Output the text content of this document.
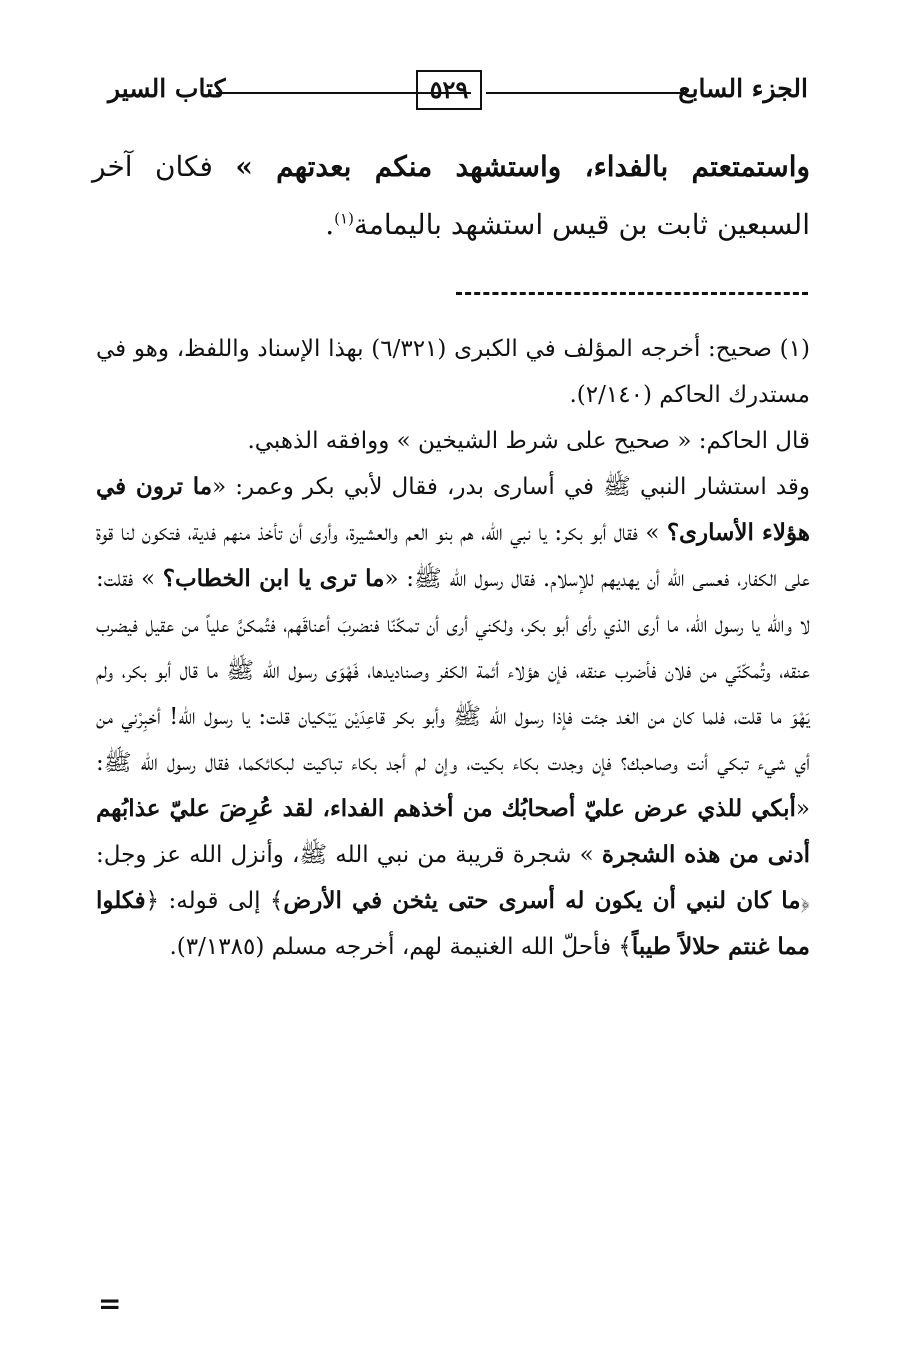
الجزء السابع
٥٢٩
كتاب السير
واستمتعتم بالفداء، واستشهد منكم بعدتهم » فكان آخر السبعين ثابت بن قيس استشهد باليمامة$^{(١)}$.

(١) صحيح: أخرجه المؤلف في الكبرى (٦/٣٢١) بهذا الإسناد واللفظ، وهو في مستدرك الحاكم (٢/١٤٠).

قال الحاكم: « صحيح على شرط الشيخين » ووافقه الذهبي.

وقد استشار النبي ﷺ في أسارى بدر، فقال لأبي بكر وعمر: «ما ترون في هؤلاء الأسارى؟ » فقال أبو بكر: يا نبي الله، هم بنو العم والعشيرة، وأرى أن تأخذ منهم فدية، فتكون لنا قوة على الكفار، فعسى الله أن يهديهم للإسلام. فقال رسول الله ﷺ: «ما ترى يا ابن الخطاب؟ » فقلت: لا والله يا رسول الله، ما أرى الذي رأى أبو بكر، ولكني أرى أن تمكّنّا فنضربَ أعناقَهم، فتُمكنَّ علياً من عقيل فيضرب عنقه، وتُمكّنّي من فلان فأضرب عنقه، فإن هؤلاء أئمة الكفر وصناديدها، فَهْوَى رسول الله ﷺ ما قال أبو بكر، ولم يَهْوَ ما قلت، فلما كان من الغد جئت فإذا رسول الله ﷺ وأبو بكر قاعِدَيْن يَبْكيان قلت: يا رسول الله! أخبِرْني من أي شيء تبكي أنت وصاحبك؟ فإن وجدت بكاء بكيت، وإن لم أجد بكاء تباكيت لبكائكما، فقال رسول الله ﷺ: «أبكي للذي عرض عليّ أصحابُك من أخذهم الفداء، لقد عُرِضَ عليّ عذابُهم أدنى من هذه الشجرة » شجرة قريبة من نبي الله ﷺ، وأنزل الله عز وجل: ﴿ما كان لنبي أن يكون له أسرى حتى يثخن في الأرض﴾ إلى قوله: ﴿فكلوا مما غنتم حلالاً طيباً﴾ فأحلّ الله الغنيمة لهم، أخرجه مسلم (٣/١٣٨٥).

=
